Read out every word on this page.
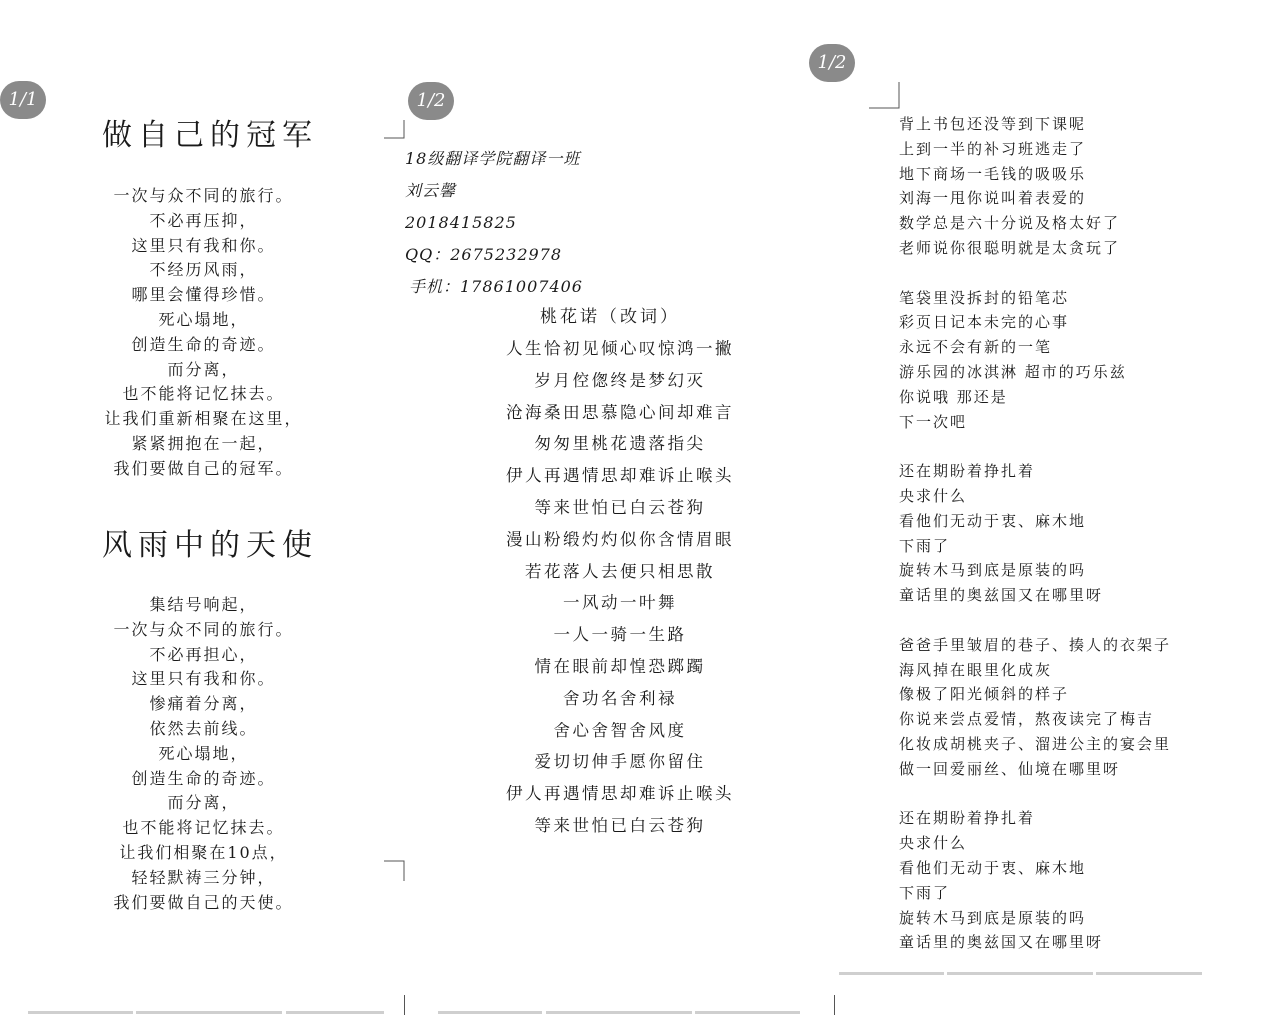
1/1	1/2
1/2
做自己的冠军
一次与众不同的旅行。
不必再压抑，
这里只有我和你。
不经历风雨，
哪里会懂得珍惜。
死心塌地，
创造生命的奇迹。
而分离，
也不能将记忆抹去。
让我们重新相聚在这里，
紧紧拥抱在一起，
我们要做自己的冠军。
风雨中的天使
集结号响起，
一次与众不同的旅行。
不必再担心，
这里只有我和你。
惨痛着分离，
依然去前线。
死心塌地，
创造生命的奇迹。
而分离，
也不能将记忆抹去。
让我们相聚在10点，
轻轻默祷三分钟，
我们要做自己的天使。
18级翻译学院翻译一班
刘云馨
2018415825
QQ：2675232978
手机：17861007406
桃花诺（改词）
人生恰初见倾心叹惊鸿一撇
岁月倥偬终是梦幻灭
沧海桑田思慕隐心间却难言
匆匆里桃花遗落指尖
伊人再遇情思却难诉止喉头
等来世怕已白云苍狗
漫山粉缎灼灼似你含情眉眼
若花落人去便只相思散
一风动一叶舞
一人一骑一生路
情在眼前却惶恐踯躅
舍功名舍利禄
舍心舍智舍风度
爱切切伸手愿你留住
伊人再遇情思却难诉止喉头
等来世怕已白云苍狗
背上书包还没等到下课呢
上到一半的补习班逃走了
地下商场一毛钱的吸吸乐
刘海一甩你说叫着表爱的
数学总是六十分说及格太好了
老师说你很聪明就是太贪玩了
笔袋里没拆封的铅笔芯
彩页日记本未完的心事
永远不会有新的一笔
游乐园的冰淇淋 超市的巧乐兹
你说哦 那还是
下一次吧
还在期盼着挣扎着
央求什么
看他们无动于衷、麻木地
下雨了
旋转木马到底是原装的吗
童话里的奥兹国又在哪里呀
爸爸手里皱眉的巷子、揍人的衣架子
海风掉在眼里化成灰
像极了阳光倾斜的样子
你说来尝点爱情，熬夜读完了梅吉
化妆成胡桃夹子、溜进公主的宴会里
做一回爱丽丝、仙境在哪里呀
还在期盼着挣扎着
央求什么
看他们无动于衷、麻木地
下雨了
旋转木马到底是原装的吗
童话里的奥兹国又在哪里呀
